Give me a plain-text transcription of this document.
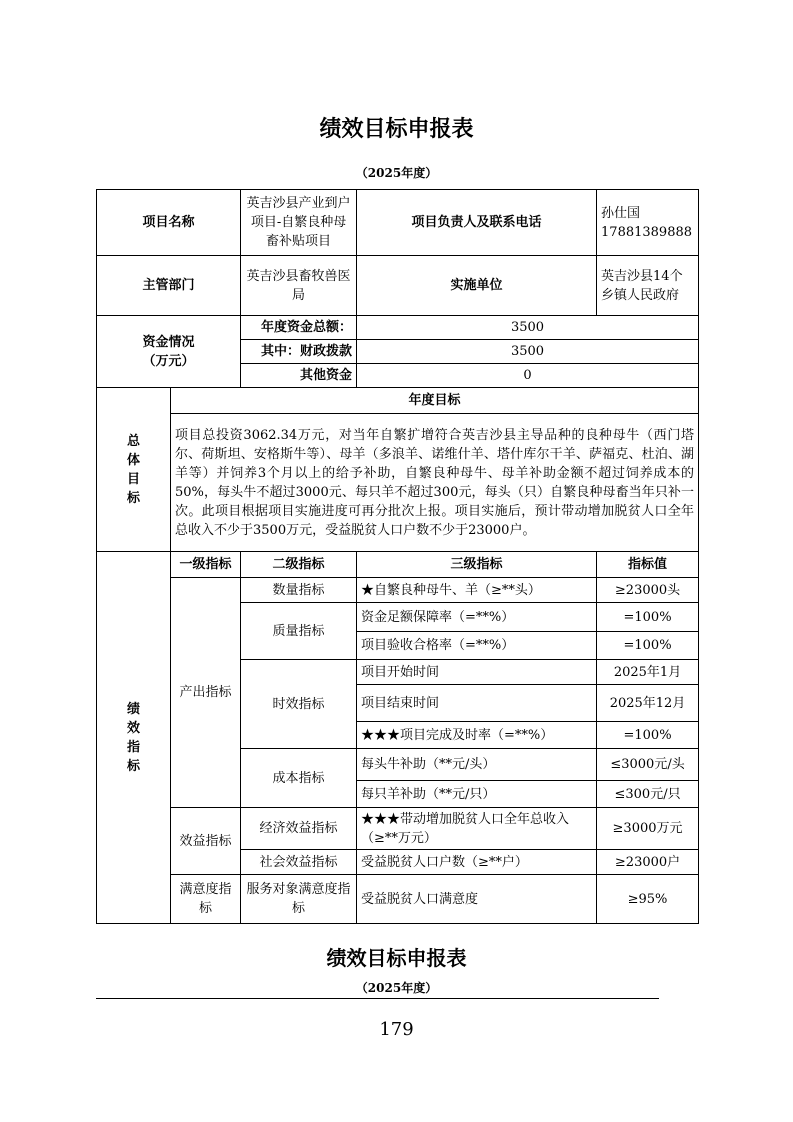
绩效目标申报表
（2025年度）
项目名称		英吉沙县产业到户项目-自繁良种母畜补贴项目	项目负责人及联系电话	孙仕国
17881389888

主管部门		英吉沙县畜牧兽医局	实施单位	英吉沙县14个乡镇人民政府

资金情况
（万元）		年度资金总额：	3500	
		其中：财政拨款	3500	
		其他资金	0	

总
体
目
标	年度目标			
	项目总投资3062.34万元，对当年自繁扩增符合英吉沙县主导品种的良种母牛（西门塔尔、荷斯坦、安格斯牛等）、母羊（多浪羊、诺维什羊、塔什库尔干羊、萨福克、杜泊、湖羊等）并饲养3个月以上的给予补助，自繁良种母牛、母羊补助金额不超过饲养成本的50%，每头牛不超过3000元、每只羊不超过300元，每头（只）自繁良种母畜当年只补一次。此项目根据项目实施进度可再分批次上报。项目实施后，预计带动增加脱贫人口全年总收入不少于3500万元，受益脱贫人口户数不少于23000户。			

绩
效
指
标	一级指标	二级指标	三级指标	指标值
	产出指标	数量指标	★自繁良种母牛、羊（≥**头）	≥23000头
		质量指标	资金足额保障率（=**%）	=100%
			项目验收合格率（=**%）	=100%
		时效指标	项目开始时间	2025年1月
			项目结束时间	2025年12月
			★★★项目完成及时率（=**%）	=100%
		成本指标	每头牛补助（**元/头）	≤3000元/头
			每只羊补助（**元/只）	≤300元/只
	效益指标	经济效益指标	★★★带动增加脱贫人口全年总收入（≥**万元）	≥3000万元
		社会效益指标	受益脱贫人口户数（≥**户）	≥23000户
	满意度指标	服务对象满意度指标	受益脱贫人口满意度	≥95%
绩效目标申报表
（2025年度）
179
